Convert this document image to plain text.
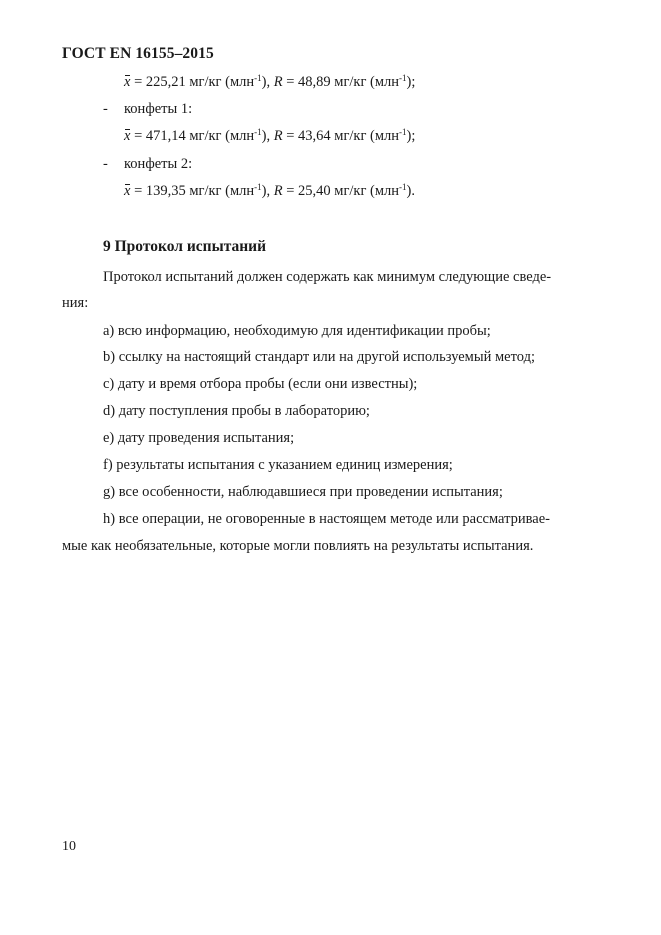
ГОСТ EN 16155–2015
x = 225,21 мг/кг (млн$^{-1}$), R = 48,89 мг/кг (млн$^{-1}$);
- конфеты 1:
x = 471,14 мг/кг (млн$^{-1}$), R = 43,64 мг/кг (млн$^{-1}$);
- конфеты 2:
x = 139,35 мг/кг (млн$^{-1}$), R = 25,40 мг/кг (млн$^{-1}$).
9 Протокол испытаний
Протокол испытаний должен содержать как минимум следующие сведе-
ния:
a) всю информацию, необходимую для идентификации пробы;
b) ссылку на настоящий стандарт или на другой используемый метод;
c) дату и время отбора пробы (если они известны);
d) дату поступления пробы в лабораторию;
e) дату проведения испытания;
f) результаты испытания с указанием единиц измерения;
g) все особенности, наблюдавшиеся при проведении испытания;
h) все операции, не оговоренные в настоящем методе или рассматривае-
мые как необязательные, которые могли повлиять на результаты испытания.
10
